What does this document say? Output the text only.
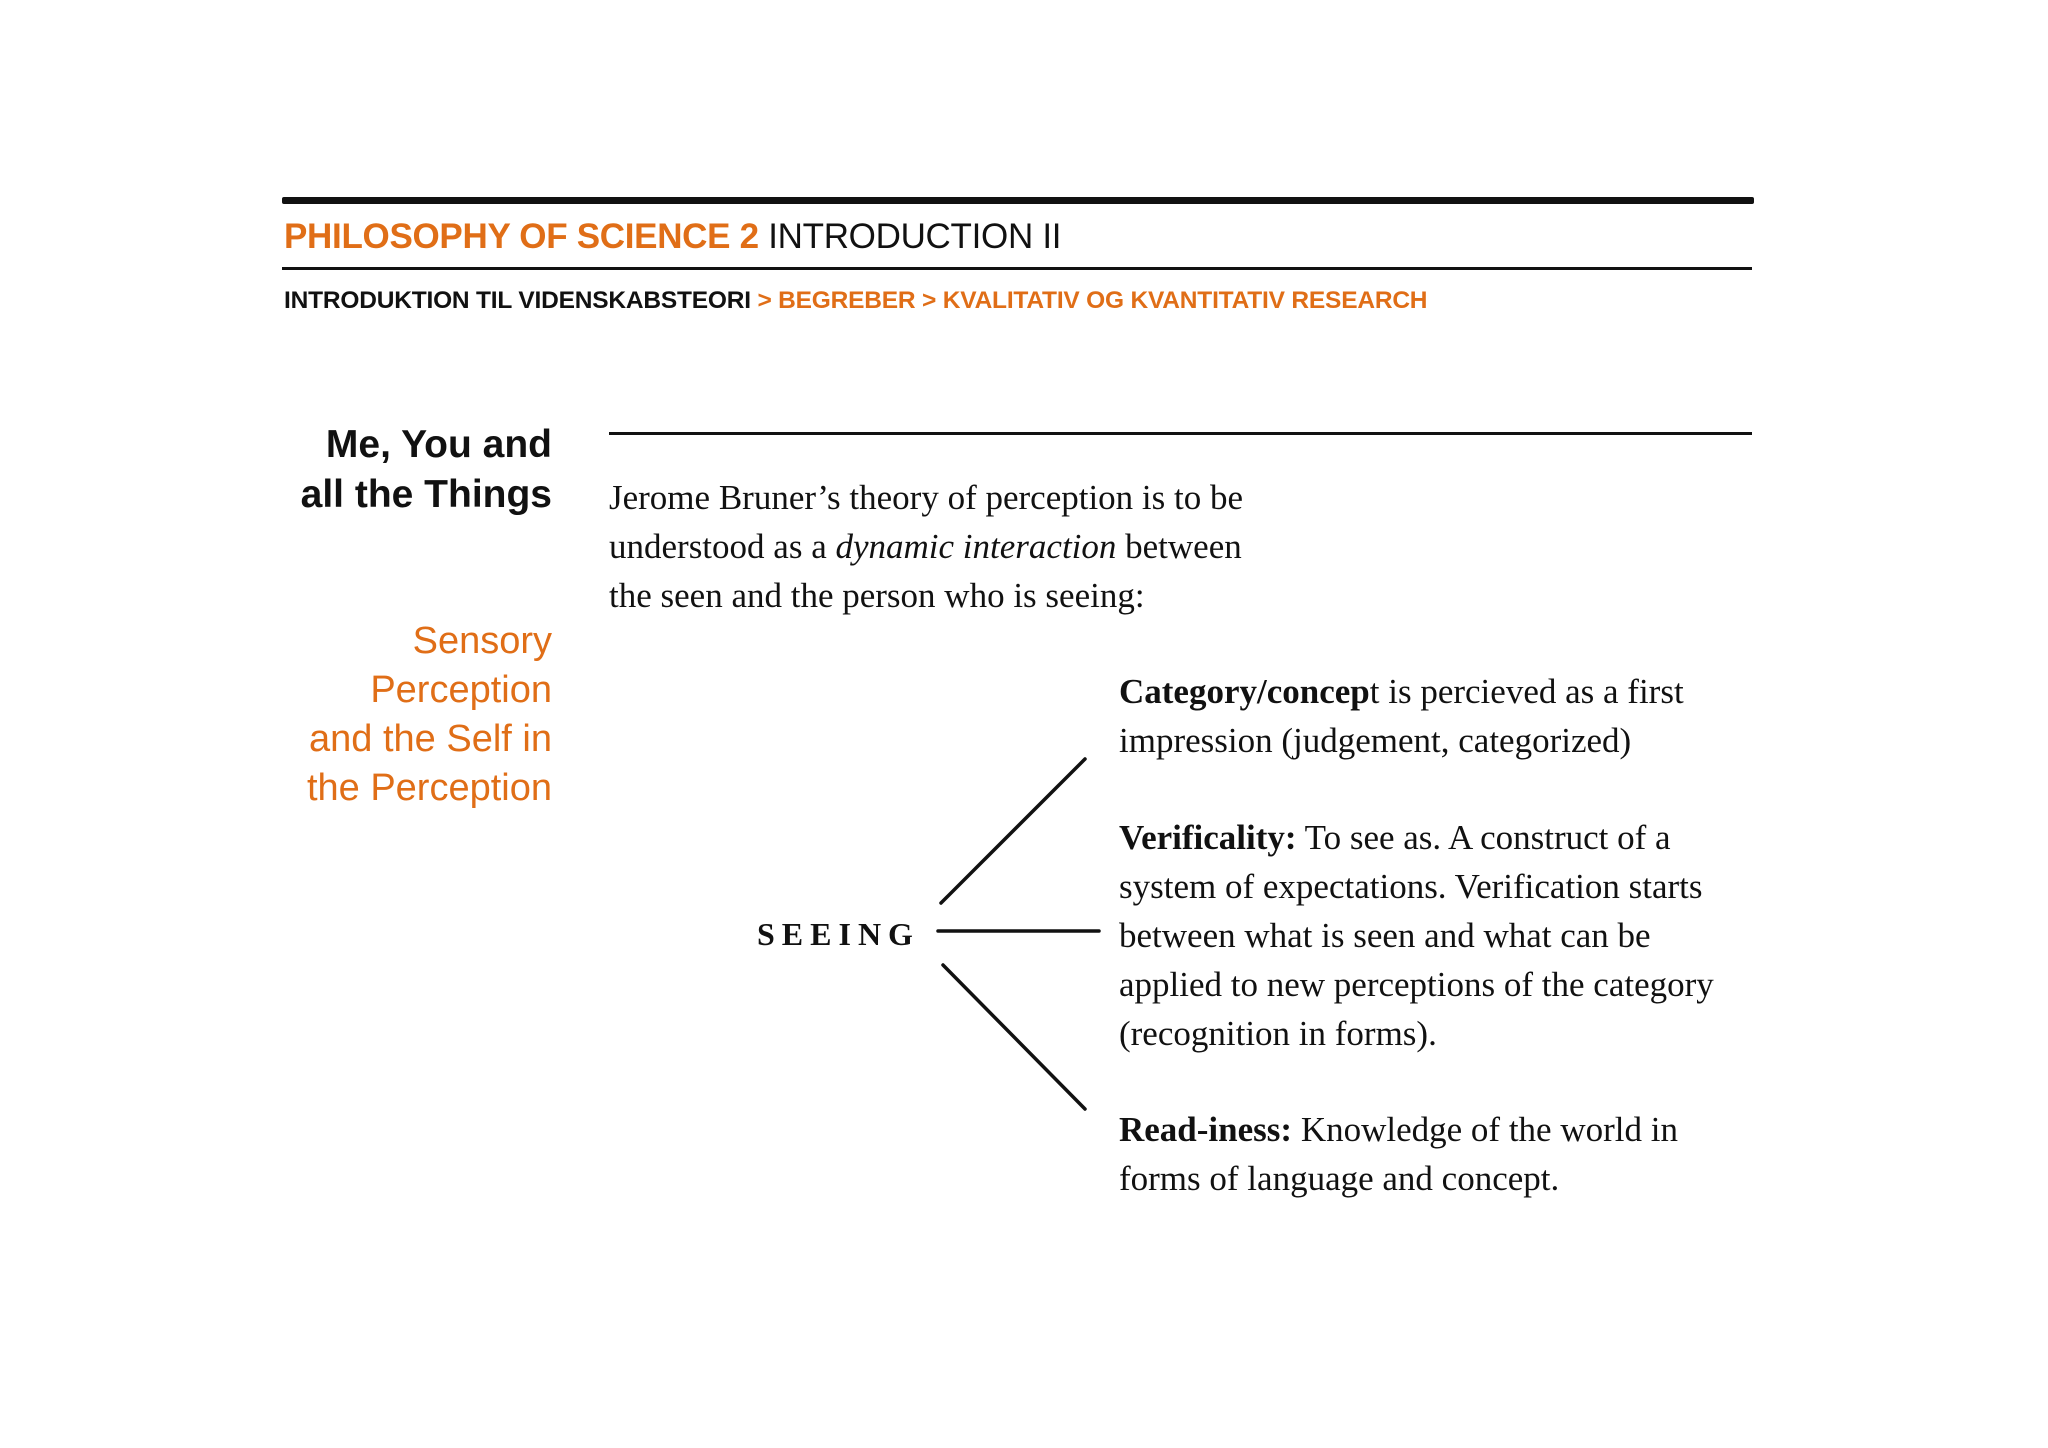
PHILOSOPHY OF SCIENCE 2 INTRODUCTION II
INTRODUKTION TIL VIDENSKABSTEORI > BEGREBER > KVALITATIV OG KVANTITATIV RESEARCH
Me, You and
all the Things
Sensory
Perception
and the Self in
the Perception
Jerome Bruner’s theory of perception is to be
understood as a dynamic interaction between
the seen and the person who is seeing:
SEEING
Category/concept is percieved as a first
impression (judgement, categorized)
Verificality: To see as. A construct of a
system of expectations. Verification starts
between what is seen and what can be
applied to new perceptions of the category
(recognition in forms).
Read-iness: Knowledge of the world in
forms of language and concept.
